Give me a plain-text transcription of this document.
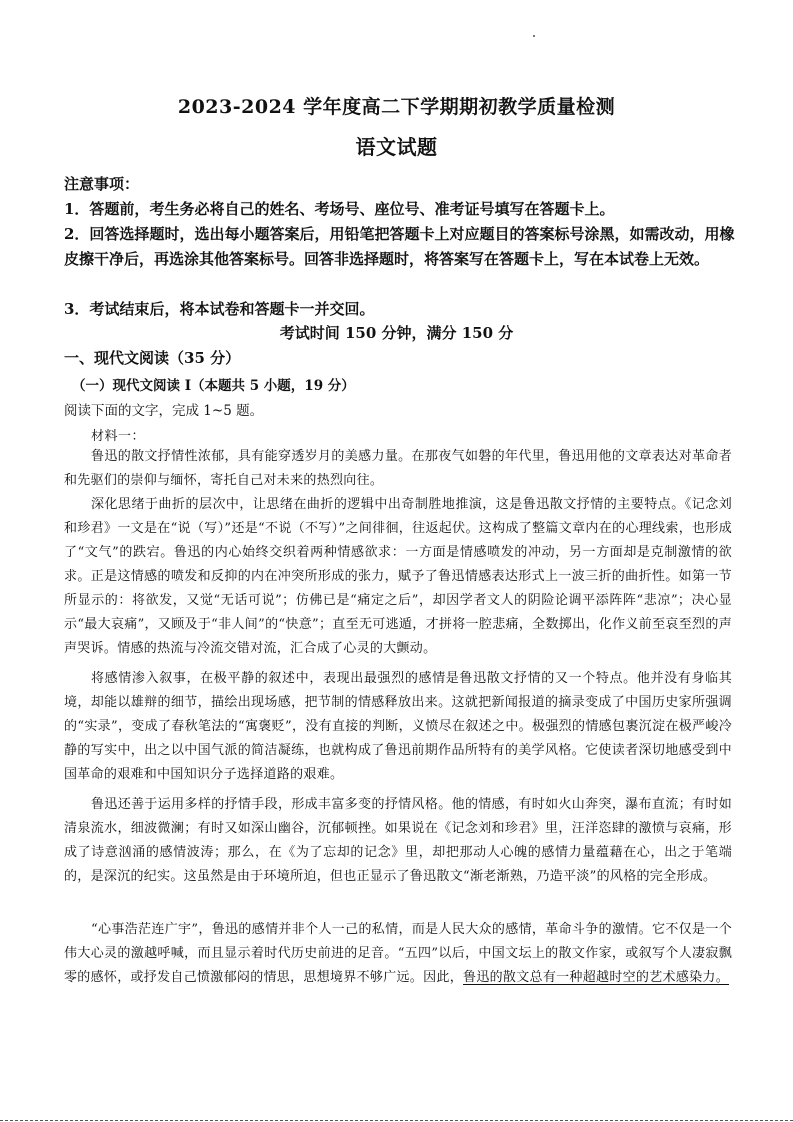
2023-2024 学年度高二下学期期初教学质量检测
语文试题
注意事项：
1．答题前，考生务必将自己的姓名、考场号、座位号、准考证号填写在答题卡上。
2．回答选择题时，选出每小题答案后，用铅笔把答题卡上对应题目的答案标号涂黑，如需改动，用橡皮擦干净后，再选涂其他答案标号。回答非选择题时，将答案写在答题卡上，写在本试卷上无效。
3．考试结束后，将本试卷和答题卡一并交回。
考试时间 150 分钟，满分 150 分
一、现代文阅读（35 分）
（一）现代文阅读 I（本题共 5 小题，19 分）
阅读下面的文字，完成 1~5 题。
材料一：

鲁迅的散文抒情性浓郁，具有能穿透岁月的美感力量。在那夜气如磐的年代里，鲁迅用他的文章表达对革命者和先驱们的崇仰与缅怀，寄托自己对未来的热烈向往。

深化思绪于曲折的层次中，让思绪在曲折的逻辑中出奇制胜地推演，这是鲁迅散文抒情的主要特点。《记念刘和珍君》一文是在“说（写）”还是“不说（不写）”之间徘徊，往返起伏。这构成了整篇文章内在的心理线索，也形成了“文气”的跌宕。鲁迅的内心始终交织着两种情感欲求：一方面是情感喷发的冲动，另一方面却是克制激情的欲求。正是这情感的喷发和反抑的内在冲突所形成的张力，赋予了鲁迅情感表达形式上一波三折的曲折性。如第一节所显示的：将欲发，又觉“无话可说”；仿佛已是“痛定之后”，却因学者文人的阴险论调平添阵阵“悲凉”；决心显示“最大哀痛”，又顾及于“非人间”的“快意”；直至无可逃遁，才拼将一腔悲痛，全数掷出，化作义前至哀至烈的声声哭诉。情感的热流与冷流交错对流，汇合成了心灵的大颤动。

将感情渗入叙事，在极平静的叙述中，表现出最强烈的感情是鲁迅散文抒情的又一个特点。他并没有身临其境，却能以雄辩的细节，描绘出现场感，把节制的情感释放出来。这就把新闻报道的摘录变成了中国历史家所强调的“实录”，变成了春秋笔法的“寓褒贬”，没有直接的判断，义愤尽在叙述之中。极强烈的情感包裹沉淀在极严峻冷静的写实中，出之以中国气派的简洁凝练，也就构成了鲁迅前期作品所特有的美学风格。它使读者深切地感受到中国革命的艰难和中国知识分子选择道路的艰难。

鲁迅还善于运用多样的抒情手段，形成丰富多变的抒情风格。他的情感，有时如火山奔突，瀑布直流；有时如清泉流水，细波微澜；有时又如深山幽谷，沉郁顿挫。如果说在《记念刘和珍君》里，汪洋恣肆的激愤与哀痛，形成了诗意汹涌的感情波涛；那么，在《为了忘却的记念》里，却把那动人心魄的感情力量蕴藉在心，出之于笔端的，是深沉的纪实。这虽然是由于环境所迫，但也正显示了鲁迅散文“渐老渐熟，乃造平淡”的风格的完全形成。

“心事浩茫连广宇”，鲁迅的感情并非个人一己的私情，而是人民大众的感情，革命斗争的激情。它不仅是一个伟大心灵的激越呼喊，而且显示着时代历史前进的足音。“五四”以后，中国文坛上的散文作家，或叙写个人凄寂飘零的感怀，或抒发自己愤激郁闷的情思，思想境界不够广远。因此，鲁迅的散文总有一种超越时空的艺术感染力。
